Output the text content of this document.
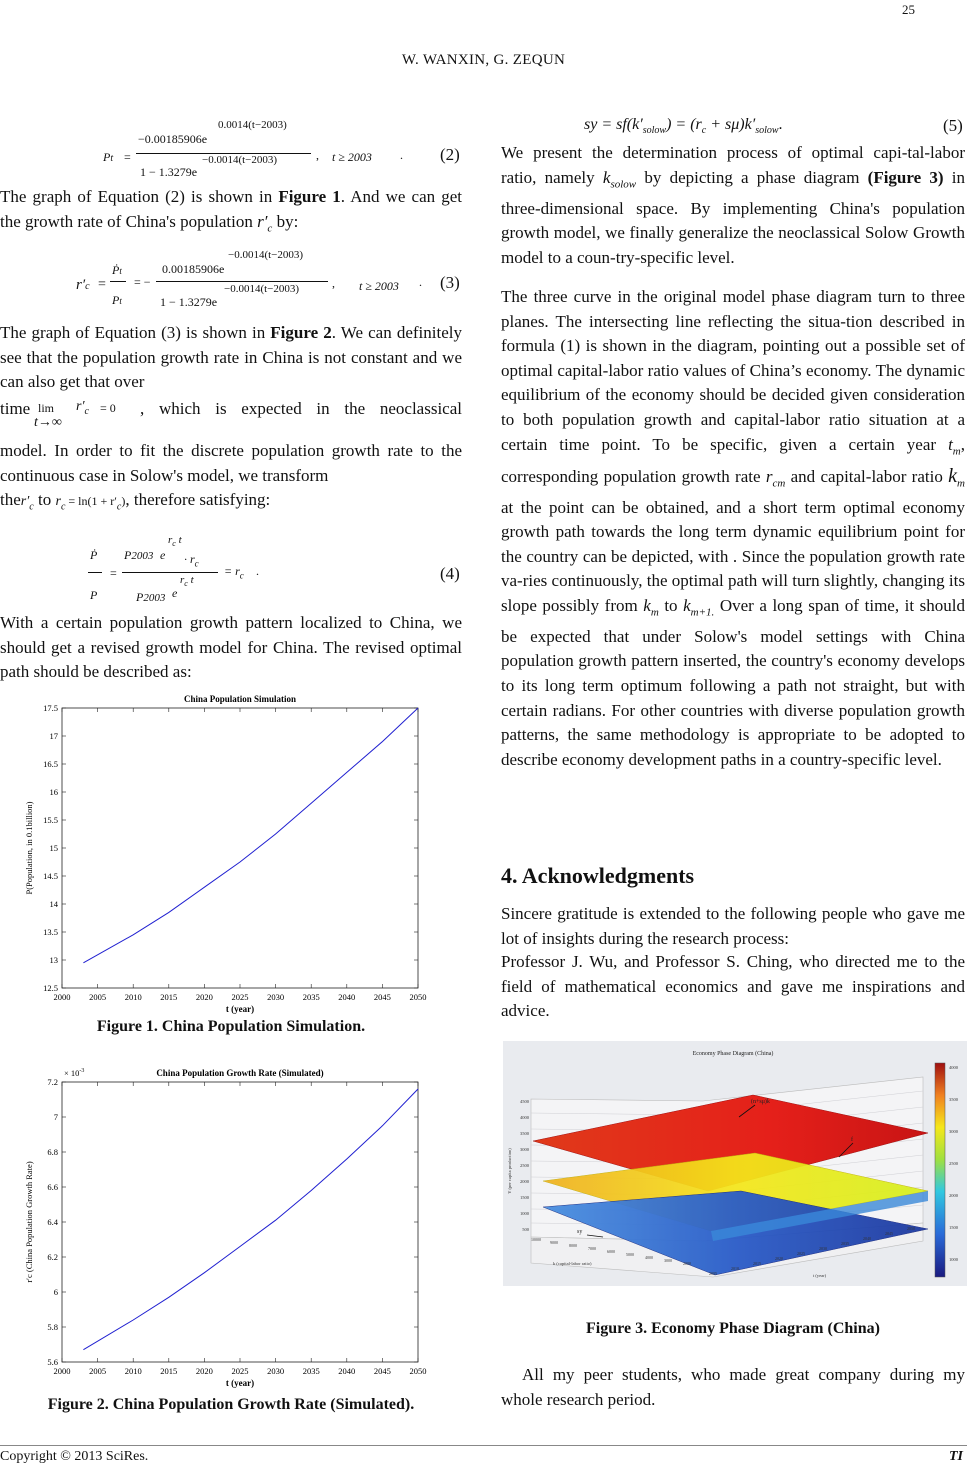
25
W. WANXIN, G. ZEQUN
Pt =
0.0014(t−2003)
−0.00185906e
−0.0014(t−2003)
1 − 1.3279e
, t ≥ 2003 . (2)

The graph of Equation (2) is shown in Figure 1. And we can get the growth rate of China's population $r'_c$ by:

r′c =
Ṗt
Pt
= −
−0.0014(t−2003)
0.00185906e
−0.0014(t−2003)
1 − 1.3279e
, t ≥ 2003 . (3)

The graph of Equation (3) is shown in Figure 2. We can definitely see that the population growth rate in China is not constant and we can also get that over

time lim
t→∞
$r'_c = 0$ , which is expected in the neoclassical

model. In order to fit the discrete population growth rate to the continuous case in Solow's model, we transform

$ther'_c$ to $r_c = \ln(1 + r'_c)$, therefore satisfying:
Ṗ
P
=
P2003 e
$r_c$ t
· $r_c$
P2003 e
$r_c$ t
= $r_c$ .	(4)

With a certain population growth pattern localized to China, we should get a revised growth model for China. The revised optimal path should be described as:

China Population Simulation
2000 2005 2010 2015 2020 2025 2030 2035 2040 2045 2050
12.5
13
13.5
14
14.5
15
15.5
16
16.5
17
17.5
t (year)
P(Population, in 0.1billion)
Figure 1. China Population Simulation.
China Population Growth Rate (Simulated)
2000 2005 2010 2015 2020 2025 2030 2035 2040 2045 2050
5.6
5.8
6
6.2
6.4
6.6
6.8
7
7.2
t (year)
r′c (China Population Growth Rate)
× $10^{-3}$
Figure 2. China Population Growth Rate (Simulated).
sy = $sf(k'_{solow}) = (r_c + s\mu)k'_{solow}$.	(5)

We present the determination process of optimal capi-tal-labor ratio, namely $k_{solow}$ by depicting a phase diagram (Figure 3) in three-dimensional space. By implementing China's population growth model, we finally generalize the neoclassical Solow Growth model to a coun-try-specific level.

The three curve in the original model phase diagram turn to three planes. The intersecting line reflecting the situa-tion described in formula (1) is shown in the diagram, pointing out a possible set of optimal capital-labor ratio values of China’s economy. The dynamic equilibrium of the economy should be decided given consideration to both population growth and capital-labor ratio situation at a certain time point. To be specific, given a certain year $t_m$, corresponding population growth rate $r_{cm}$ and capital-labor ratio $k_m$ at the point can be obtained, and a short term optimal economy growth path towards the long term dynamic equilibrium point for the country can be depicted, with . Since the population growth rate va-ries continuously, the optimal path will turn slightly, changing its slope possibly from $k_m$ to $k_{m+1.}$ Over a long span of time, it should be expected that under Solow's model settings with China population growth pattern inserted, the country's economy develops to its long term optimum following a path not straight, but with certain radians. For other countries with diverse population growth patterns, the same methodology is appropriate to be adopted to describe economy development paths in a country-specific level.

4. Acknowledgments

Sincere gratitude is extended to the following people who gave me lot of insights during the research process:

Professor J. Wu, and Professor S. Ching, who directed me to the field of mathematical economics and gave me inspirations and advice.

(n+sμ)k
f
sy
Economy Phase Diagram (China)
4500
4000
3500
3000
2500
2000
1500
1000
500
Y (per capita production)
10000
9000
8000
7000
6000
5000
4000
3000
2000
k (capital-labor ratio)
2005
2010
2015
2020
2025
2030
2035
2040
2045
2050
t (year)
4000
3500
3000
2500
2000
1500
1000
Figure 3. Economy Phase Diagram (China)

All my peer students, who made great company during my whole research period.

Copyright © 2013 SciRes.	TI
